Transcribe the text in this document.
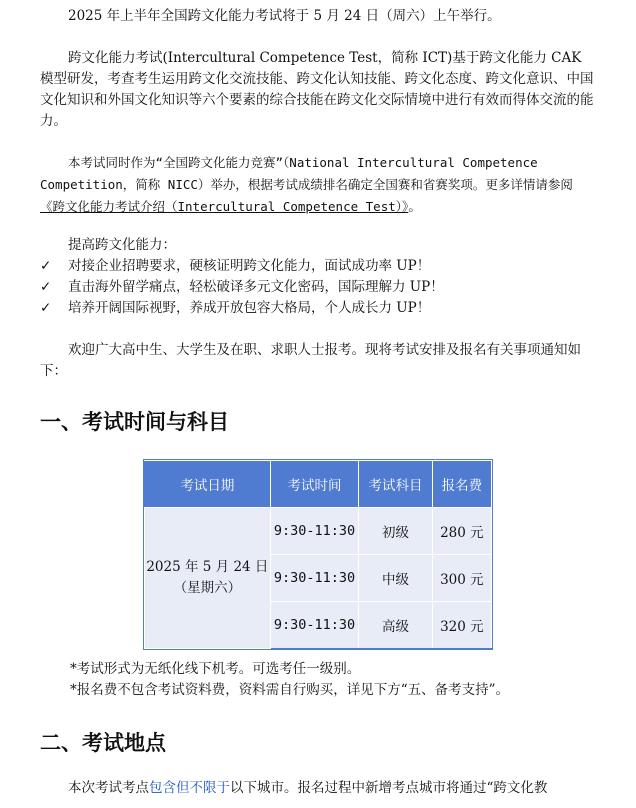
2025 年上半年全国跨文化能力考试将于 5 月 24 日（周六）上午举行。

跨文化能力考试(Intercultural Competence Test，简称 ICT)基于跨文化能力 CAK 模型研发，考查考生运用跨文化交流技能、跨文化认知技能、跨文化态度、跨文化意识、中国文化知识和外国文化知识等六个要素的综合技能在跨文化交际情境中进行有效而得体交流的能力。

本考试同时作为“全国跨文化能力竞赛”（National Intercultural Competence Competition，简称 NICC）举办，根据考试成绩排名确定全国赛和省赛奖项。更多详情请参阅《跨文化能力考试介绍（Intercultural Competence Test）》。

提高跨文化能力：

✓ 对接企业招聘要求，硬核证明跨文化能力，面试成功率 UP！
✓ 直击海外留学痛点，轻松破译多元文化密码，国际理解力 UP！
✓ 培养开阔国际视野，养成开放包容大格局，个人成长力 UP！

欢迎广大高中生、大学生及在职、求职人士报考。现将考试安排及报名有关事项通知如下：

一、考试时间与科目
考试日期	考试时间	考试科目	报名费

2025 年 5 月 24 日
（星期六）	9:30-11:30	初级	280 元
	9:30-11:30	中级	300 元
	9:30-11:30	高级	320 元

*考试形式为无纸化线下机考。可选考任一级别。

*报名费不包含考试资料费，资料需自行购买，详见下方“五、备考支持”。

二、考试地点

本次考试考点包含但不限于以下城市。报名过程中新增考点城市将通过“跨文化教
